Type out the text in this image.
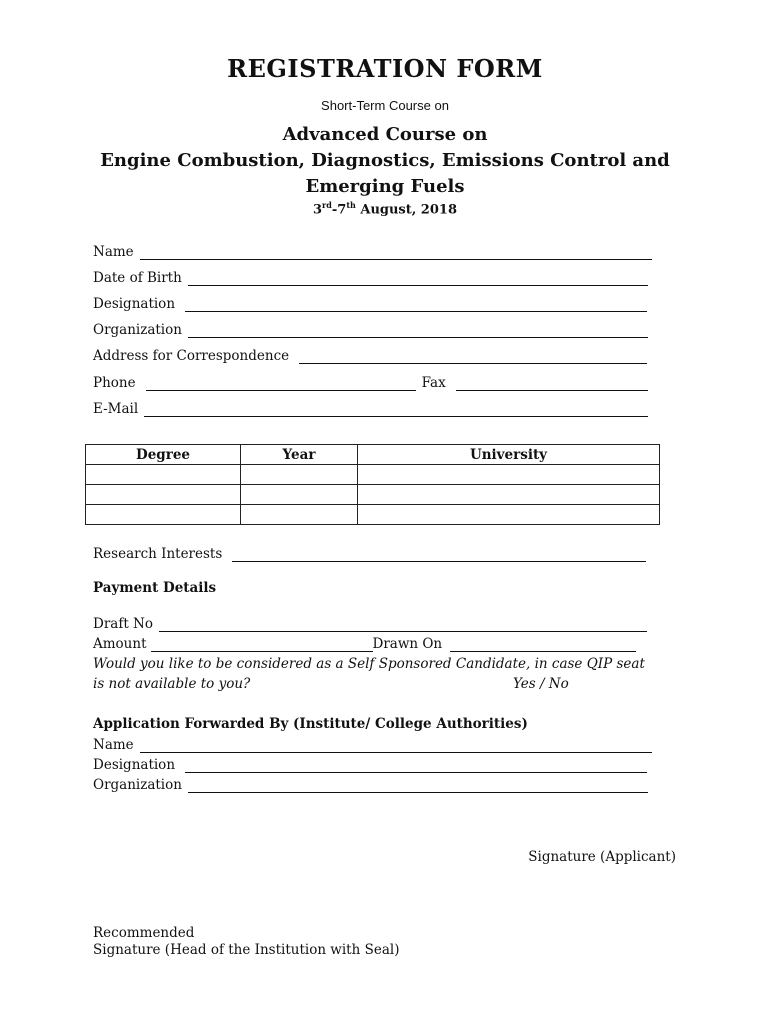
REGISTRATION FORM
Short-Term Course on
Advanced Course on
Engine Combustion, Diagnostics, Emissions Control and
Emerging Fuels
3rd-7th August, 2018
Name
Date of Birth
Designation
Organization
Address for Correspondence
Phone	Fax
E-Mail
Degree	Year	University

Research Interests
Payment Details
Draft No
Amount	Drawn On
Would you like to be considered as a Self Sponsored Candidate, in case QIP seat
is not available to you?	Yes / No
Application Forwarded By (Institute/ College Authorities)
Name
Designation
Organization
Signature (Applicant)
Recommended
Signature (Head of the Institution with Seal)
